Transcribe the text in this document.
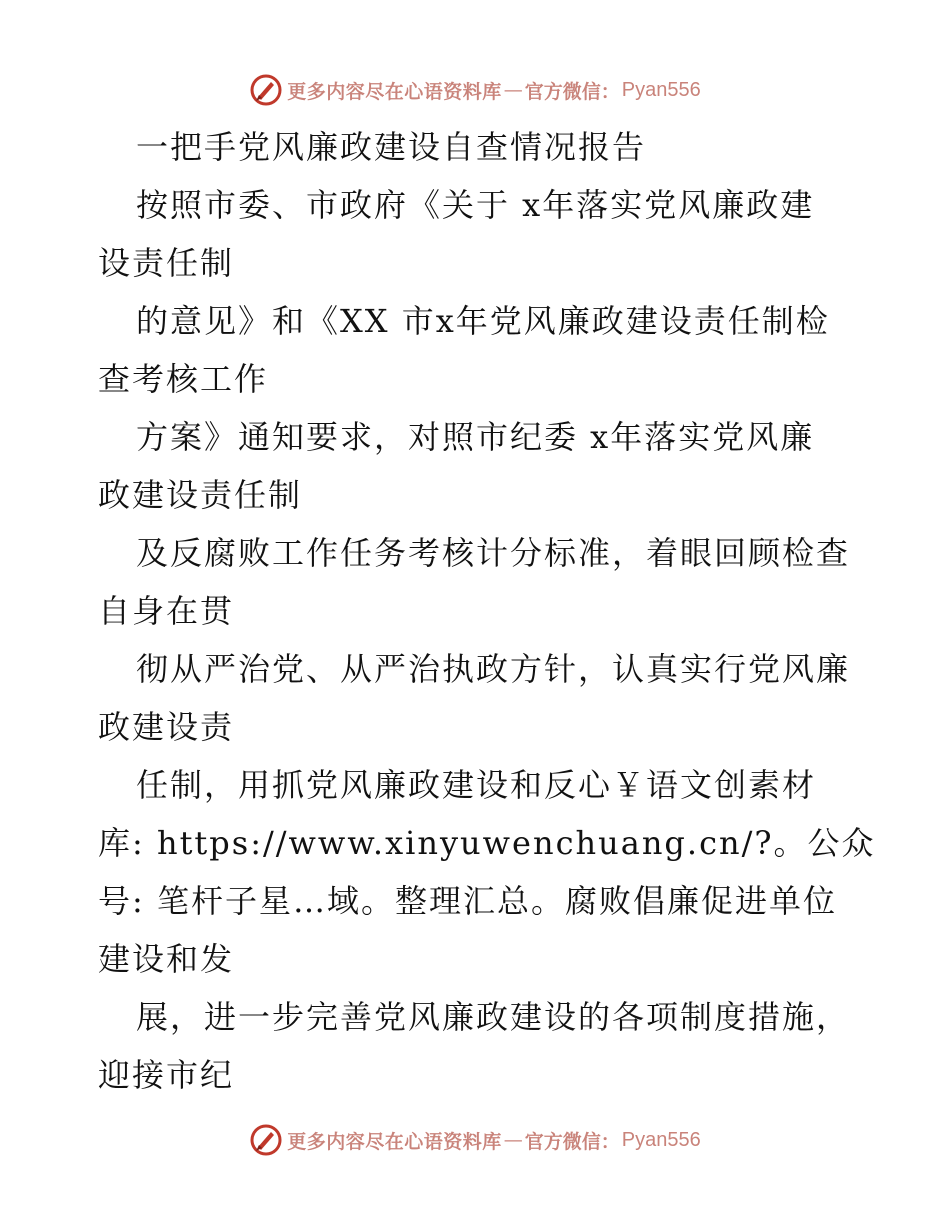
更多内容尽在心语资料库 — 官方微信： Pyan556
一把手党风廉政建设自查情况报告
按照市委、市政府《关于 x年落实党风廉政建
设责任制
的意见》和《XX 市x年党风廉政建设责任制检
查考核工作
方案》通知要求，对照市纪委 x年落实党风廉
政建设责任制
及反腐败工作任务考核计分标准，着眼回顾检查
自身在贯
彻从严治党、从严治执政方针，认真实行党风廉
政建设责
任制，用抓党风廉政建设和反心￥语文创素材
库: https://www.xinyuwenchuang.cn/?。公众
号: 笔杆子星…域。整理汇总。腐败倡廉促进单位
建设和发
展，进一步完善党风廉政建设的各项制度措施，
迎接市纪
更多内容尽在心语资料库 — 官方微信： Pyan556
